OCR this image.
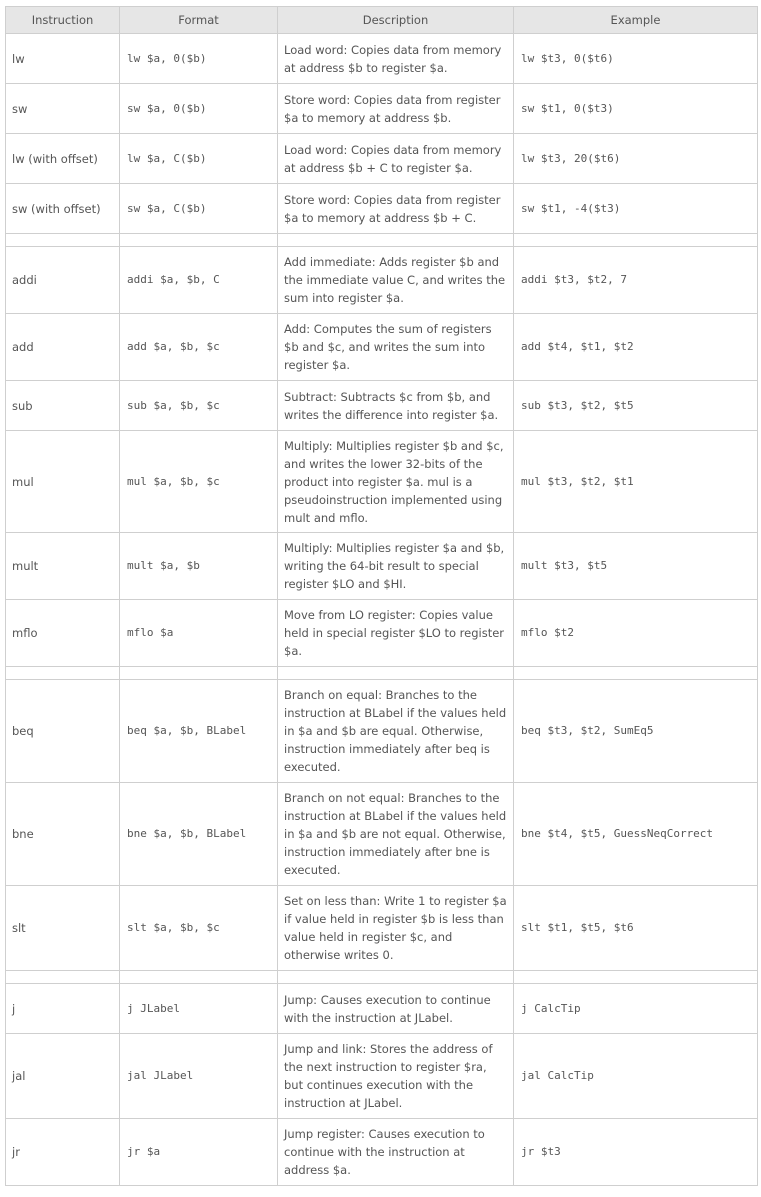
Instruction	Format	Description	Example
lw	lw $a, 0($b)	Load word: Copies data from memory at address $b to register $a.	lw $t3, 0($t6)
sw	sw $a, 0($b)	Store word: Copies data from register $a to memory at address $b.	sw $t1, 0($t3)
lw (with offset)	lw $a, C($b)	Load word: Copies data from memory at address $b + C to register $a.	lw $t3, 20($t6)
sw (with offset)	sw $a, C($b)	Store word: Copies data from register $a to memory at address $b + C.	sw $t1, -4($t3)

addi	addi $a, $b, C	Add immediate: Adds register $b and the immediate value C, and writes the sum into register $a.	addi $t3, $t2, 7
add	add $a, $b, $c	Add: Computes the sum of registers $b and $c, and writes the sum into register $a.	add $t4, $t1, $t2
sub	sub $a, $b, $c	Subtract: Subtracts $c from $b, and writes the difference into register $a.	sub $t3, $t2, $t5
mul	mul $a, $b, $c	Multiply: Multiplies register $b and $c, and writes the lower 32-bits of the product into register $a. mul is a pseudoinstruction implemented using mult and mflo.	mul $t3, $t2, $t1
mult	mult $a, $b	Multiply: Multiplies register $a and $b, writing the 64-bit result to special register $LO and $HI.	mult $t3, $t5
mflo	mflo $a	Move from LO register: Copies value held in special register $LO to register $a.	mflo $t2

beq	beq $a, $b, BLabel	Branch on equal: Branches to the instruction at BLabel if the values held in $a and $b are equal. Otherwise, instruction immediately after beq is executed.	beq $t3, $t2, SumEq5
bne	bne $a, $b, BLabel	Branch on not equal: Branches to the instruction at BLabel if the values held in $a and $b are not equal. Otherwise, instruction immediately after bne is executed.	bne $t4, $t5, GuessNeqCorrect
slt	slt $a, $b, $c	Set on less than: Write 1 to register $a if value held in register $b is less than value held in register $c, and otherwise writes 0.	slt $t1, $t5, $t6

j	j JLabel	Jump: Causes execution to continue with the instruction at JLabel.	j CalcTip
jal	jal JLabel	Jump and link: Stores the address of the next instruction to register $ra, but continues execution with the instruction at JLabel.	jal CalcTip
jr	jr $a	Jump register: Causes execution to continue with the instruction at address $a.	jr $t3
